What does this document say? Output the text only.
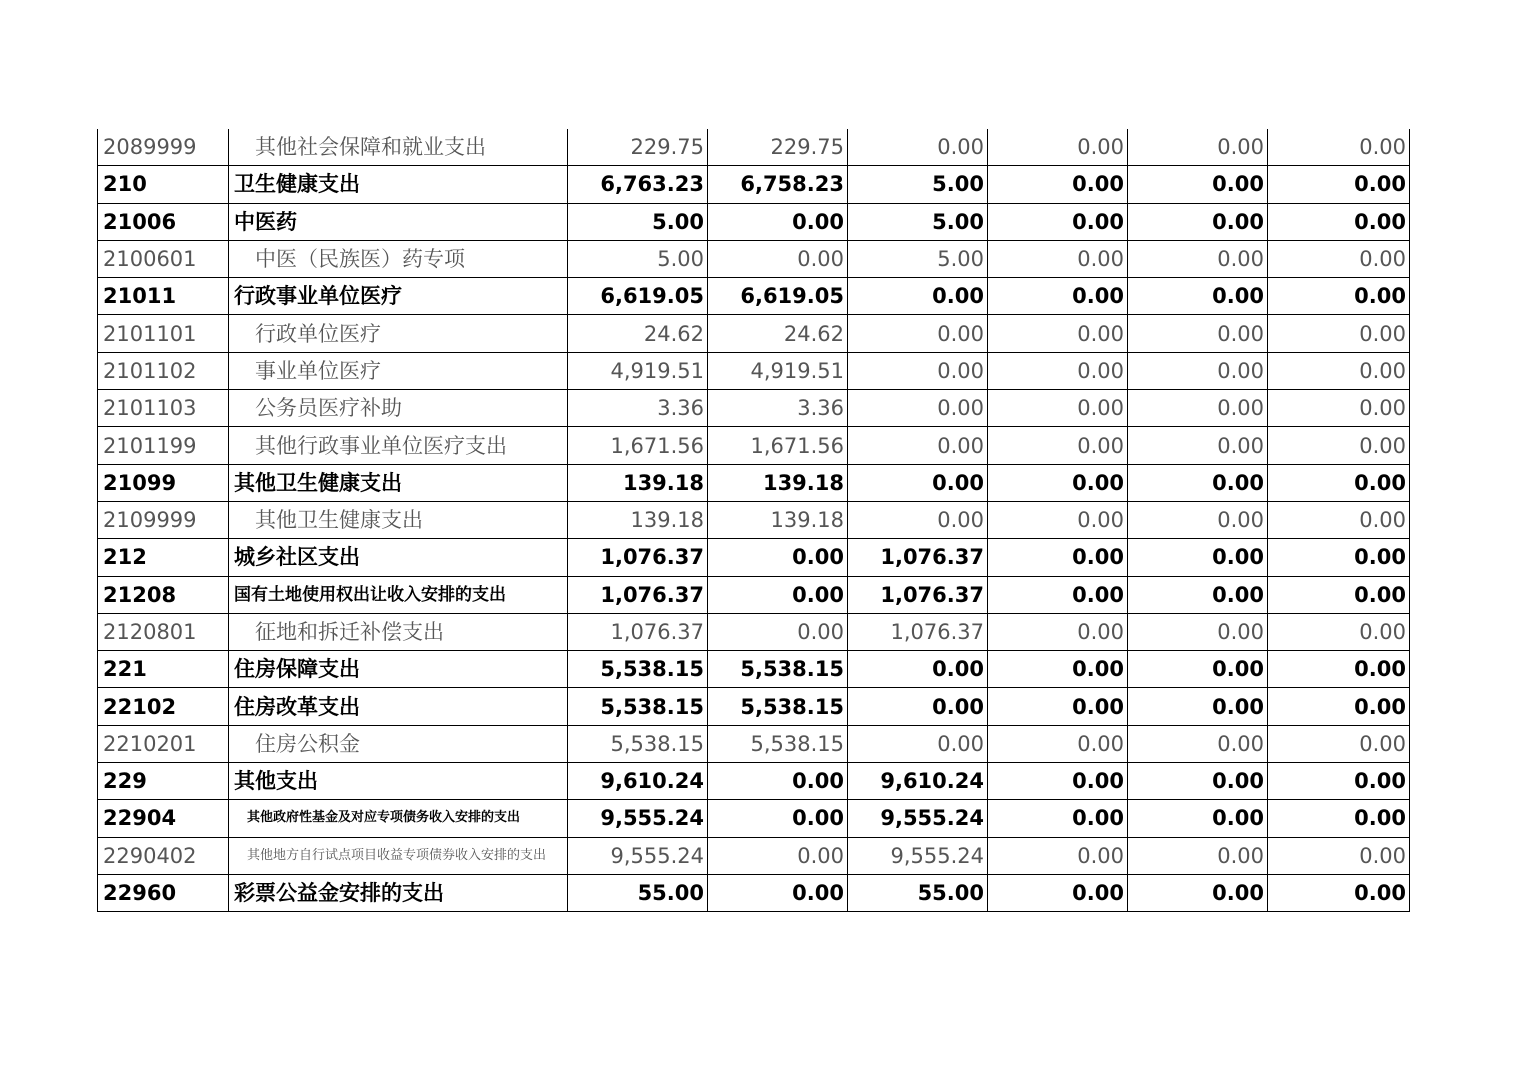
2089999	其他社会保障和就业支出	229.75	229.75	0.00	0.00	0.00	0.00
210	卫生健康支出	6,763.23	6,758.23	5.00	0.00	0.00	0.00
21006	中医药	5.00	0.00	5.00	0.00	0.00	0.00
2100601	中医（民族医）药专项	5.00	0.00	5.00	0.00	0.00	0.00
21011	行政事业单位医疗	6,619.05	6,619.05	0.00	0.00	0.00	0.00
2101101	行政单位医疗	24.62	24.62	0.00	0.00	0.00	0.00
2101102	事业单位医疗	4,919.51	4,919.51	0.00	0.00	0.00	0.00
2101103	公务员医疗补助	3.36	3.36	0.00	0.00	0.00	0.00
2101199	其他行政事业单位医疗支出	1,671.56	1,671.56	0.00	0.00	0.00	0.00
21099	其他卫生健康支出	139.18	139.18	0.00	0.00	0.00	0.00
2109999	其他卫生健康支出	139.18	139.18	0.00	0.00	0.00	0.00
212	城乡社区支出	1,076.37	0.00	1,076.37	0.00	0.00	0.00
21208	国有土地使用权出让收入安排的支出	1,076.37	0.00	1,076.37	0.00	0.00	0.00
2120801	征地和拆迁补偿支出	1,076.37	0.00	1,076.37	0.00	0.00	0.00
221	住房保障支出	5,538.15	5,538.15	0.00	0.00	0.00	0.00
22102	住房改革支出	5,538.15	5,538.15	0.00	0.00	0.00	0.00
2210201	住房公积金	5,538.15	5,538.15	0.00	0.00	0.00	0.00
229	其他支出	9,610.24	0.00	9,610.24	0.00	0.00	0.00
22904	其他政府性基金及对应专项债务收入安排的支出	9,555.24	0.00	9,555.24	0.00	0.00	0.00
2290402	其他地方自行试点项目收益专项债券收入安排的支出	9,555.24	0.00	9,555.24	0.00	0.00	0.00
22960	彩票公益金安排的支出	55.00	0.00	55.00	0.00	0.00	0.00
